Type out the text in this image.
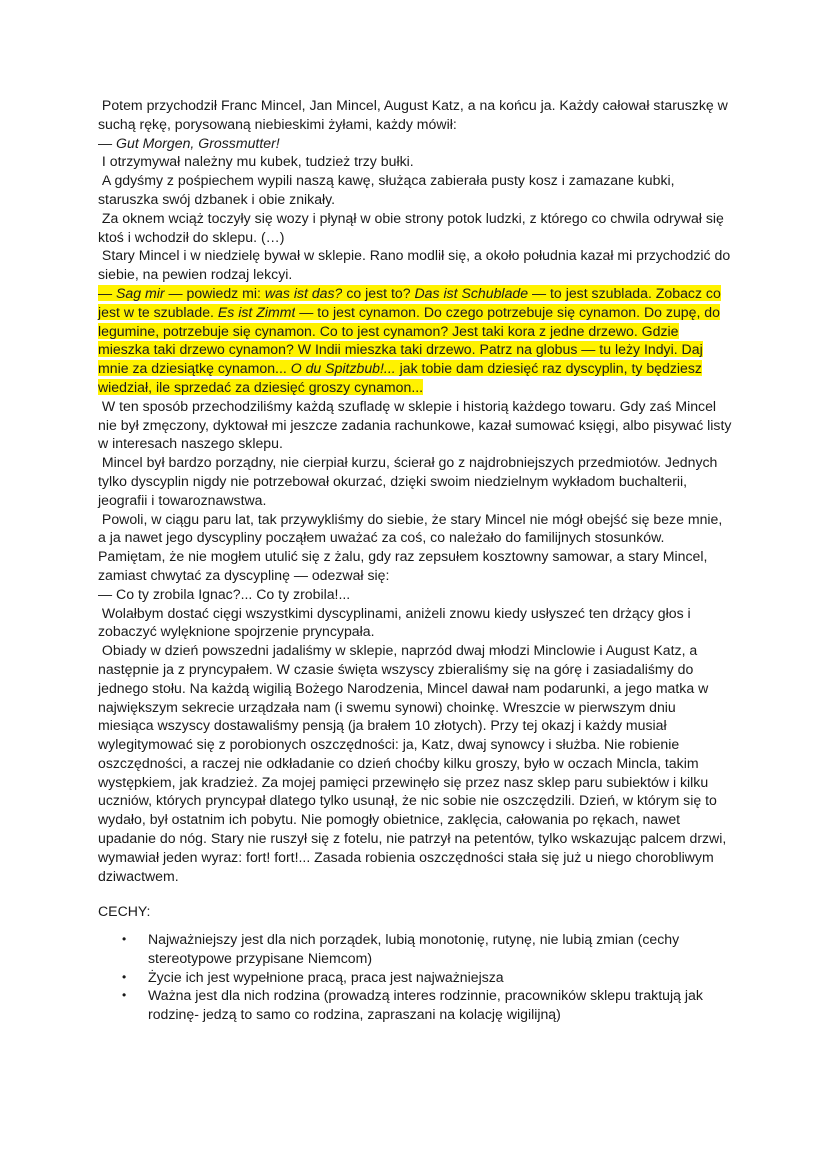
Potem przychodził Franc Mincel, Jan Mincel, August Katz, a na końcu ja. Każdy całował staruszkę w suchą rękę, porysowaną niebieskimi żyłami, każdy mówił:

— Gut Morgen, Grossmutter!

I otrzymywał należny mu kubek, tudzież trzy bułki.

A gdyśmy z pośpiechem wypili naszą kawę, służąca zabierała pusty kosz i zamazane kubki, staruszka swój dzbanek i obie znikały.

Za oknem wciąż toczyły się wozy i płynął w obie strony potok ludzki, z którego co chwila odrywał się ktoś i wchodził do sklepu. (…)

Stary Mincel i w niedzielę bywał w sklepie. Rano modlił się, a około południa kazał mi przychodzić do siebie, na pewien rodzaj lekcyi.

— Sag mir — powiedz mi: was ist das? co jest to? Das ist Schublade — to jest szublada. Zobacz co jest w te szublade. Es ist Zimmt — to jest cynamon. Do czego potrzebuje się cynamon. Do zupę, do legumine, potrzebuje się cynamon. Co to jest cynamon? Jest taki kora z jedne drzewo. Gdzie mieszka taki drzewo cynamon? W Indii mieszka taki drzewo. Patrz na globus — tu leży Indyi. Daj mnie za dziesiątkę cynamon... O du Spitzbub!... jak tobie dam dziesięć raz dyscyplin, ty będziesz wiedział, ile sprzedać za dziesięć groszy cynamon...

W ten sposób przechodziliśmy każdą szufladę w sklepie i historią każdego towaru. Gdy zaś Mincel nie był zmęczony, dyktował mi jeszcze zadania rachunkowe, kazał sumować księgi, albo pisywać listy w interesach naszego sklepu.

Mincel był bardzo porządny, nie cierpiał kurzu, ścierał go z najdrobniejszych przedmiotów. Jednych tylko dyscyplin nigdy nie potrzebował okurzać, dzięki swoim niedzielnym wykładom buchalterii, jeografii i towaroznawstwa.

Powoli, w ciągu paru lat, tak przywykliśmy do siebie, że stary Mincel nie mógł obejść się beze mnie, a ja nawet jego dyscypliny począłem uważać za coś, co należało do familijnych stosunków. Pamiętam, że nie mogłem utulić się z żalu, gdy raz zepsułem kosztowny samowar, a stary Mincel, zamiast chwytać za dyscyplinę — odezwał się:

— Co ty zrobila Ignac?... Co ty zrobila!...

Wolałbym dostać cięgi wszystkimi dyscyplinami, aniżeli znowu kiedy usłyszeć ten drżący głos i zobaczyć wylęknione spojrzenie pryncypała.

Obiady w dzień powszedni jadaliśmy w sklepie, naprzód dwaj młodzi Minclowie i August Katz, a następnie ja z pryncypałem. W czasie święta wszyscy zbieraliśmy się na górę i zasiadaliśmy do jednego stołu. Na każdą wigilią Bożego Narodzenia, Mincel dawał nam podarunki, a jego matka w największym sekrecie urządzała nam (i swemu synowi) choinkę. Wreszcie w pierwszym dniu miesiąca wszyscy dostawaliśmy pensją (ja brałem 10 złotych). Przy tej okazj i każdy musiał wylegitymować się z porobionych oszczędności: ja, Katz, dwaj synowcy i służba. Nie robienie oszczędności, a raczej nie odkładanie co dzień choćby kilku groszy, było w oczach Mincla, takim występkiem, jak kradzież. Za mojej pamięci przewinęło się przez nasz sklep paru subiektów i kilku uczniów, których pryncypał dlatego tylko usunął, że nic sobie nie oszczędzili. Dzień, w którym się to wydało, był ostatnim ich pobytu. Nie pomogły obietnice, zaklęcia, całowania po rękach, nawet upadanie do nóg. Stary nie ruszył się z fotelu, nie patrzył na petentów, tylko wskazując palcem drzwi, wymawiał jeden wyraz: fort! fort!... Zasada robienia oszczędności stała się już u niego chorobliwym dziwactwem.

CECHY:

• Najważniejszy jest dla nich porządek, lubią monotonię, rutynę, nie lubią zmian (cechy stereotypowe przypisane Niemcom)
• Życie ich jest wypełnione pracą, praca jest najważniejsza
• Ważna jest dla nich rodzina (prowadzą interes rodzinnie, pracowników sklepu traktują jak rodzinę- jedzą to samo co rodzina, zapraszani na kolację wigilijną)
